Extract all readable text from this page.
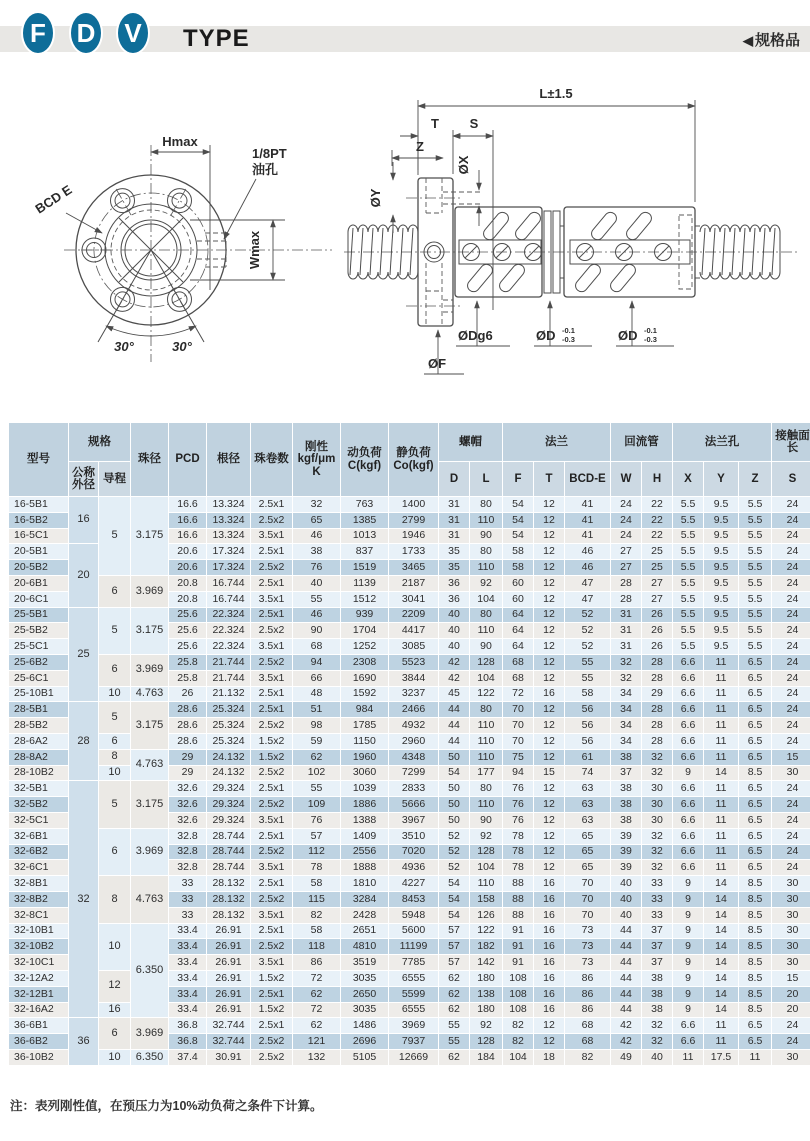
F D V TYPE	◀ 规格品
Hmax
Wmax
1/8PT
油孔
BCD E
30°	30°
L±1.5
T S
Z
ØY
ØX
ØDg6	ØD -0.1
-0.3	ØD -0.1
-0.3
ØF
型号	规格		珠径	PCD	根径	珠卷数	刚性
kgf/μm
K	动负荷
C(kgf)	静负荷
Co(kgf)	螺帽		法兰			回流管		法兰孔			接触面长
	公称外径	导程								D	L	F	T	BCD-E	W	H	X	Y	Z	S
16-5B1	16	5	3.175	16.6	13.324	2.5x1	32	763	1400	31	80	54	12	41	24	22	5.5	9.5	5.5	24
16-5B2				16.6	13.324	2.5x2	65	1385	2799	31	110	54	12	41	24	22	5.5	9.5	5.5	24
16-5C1				16.6	13.324	3.5x1	46	1013	1946	31	90	54	12	41	24	22	5.5	9.5	5.5	24
20-5B1	20			20.6	17.324	2.5x1	38	837	1733	35	80	58	12	46	27	25	5.5	9.5	5.5	24
20-5B2				20.6	17.324	2.5x2	76	1519	3465	35	110	58	12	46	27	25	5.5	9.5	5.5	24
20-6B1		6	3.969	20.8	16.744	2.5x1	40	1139	2187	36	92	60	12	47	28	27	5.5	9.5	5.5	24
20-6C1				20.8	16.744	3.5x1	55	1512	3041	36	104	60	12	47	28	27	5.5	9.5	5.5	24
25-5B1	25	5	3.175	25.6	22.324	2.5x1	46	939	2209	40	80	64	12	52	31	26	5.5	9.5	5.5	24
25-5B2				25.6	22.324	2.5x2	90	1704	4417	40	110	64	12	52	31	26	5.5	9.5	5.5	24
25-5C1				25.6	22.324	3.5x1	68	1252	3085	40	90	64	12	52	31	26	5.5	9.5	5.5	24
25-6B2		6	3.969	25.8	21.744	2.5x2	94	2308	5523	42	128	68	12	55	32	28	6.6	11	6.5	24
25-6C1				25.8	21.744	3.5x1	66	1690	3844	42	104	68	12	55	32	28	6.6	11	6.5	24
25-10B1		10	4.763	26	21.132	2.5x1	48	1592	3237	45	122	72	16	58	34	29	6.6	11	6.5	24
28-5B1	28	5	3.175	28.6	25.324	2.5x1	51	984	2466	44	80	70	12	56	34	28	6.6	11	6.5	24
28-5B2				28.6	25.324	2.5x2	98	1785	4932	44	110	70	12	56	34	28	6.6	11	6.5	24
28-6A2		6		28.6	25.324	1.5x2	59	1150	2960	44	110	70	12	56	34	28	6.6	11	6.5	24
28-8A2		8	4.763	29	24.132	1.5x2	62	1960	4348	50	110	75	12	61	38	32	6.6	11	6.5	15
28-10B2		10		29	24.132	2.5x2	102	3060	7299	54	177	94	15	74	37	32	9	14	8.5	30
32-5B1	32	5	3.175	32.6	29.324	2.5x1	55	1039	2833	50	80	76	12	63	38	30	6.6	11	6.5	24
32-5B2				32.6	29.324	2.5x2	109	1886	5666	50	110	76	12	63	38	30	6.6	11	6.5	24
32-5C1				32.6	29.324	3.5x1	76	1388	3967	50	90	76	12	63	38	30	6.6	11	6.5	24
32-6B1		6	3.969	32.8	28.744	2.5x1	57	1409	3510	52	92	78	12	65	39	32	6.6	11	6.5	24
32-6B2				32.8	28.744	2.5x2	112	2556	7020	52	128	78	12	65	39	32	6.6	11	6.5	24
32-6C1				32.8	28.744	3.5x1	78	1888	4936	52	104	78	12	65	39	32	6.6	11	6.5	24
32-8B1		8	4.763	33	28.132	2.5x1	58	1810	4227	54	110	88	16	70	40	33	9	14	8.5	30
32-8B2				33	28.132	2.5x2	115	3284	8453	54	158	88	16	70	40	33	9	14	8.5	30
32-8C1				33	28.132	3.5x1	82	2428	5948	54	126	88	16	70	40	33	9	14	8.5	30
32-10B1		10	6.350	33.4	26.91	2.5x1	58	2651	5600	57	122	91	16	73	44	37	9	14	8.5	30
32-10B2				33.4	26.91	2.5x2	118	4810	11199	57	182	91	16	73	44	37	9	14	8.5	30
32-10C1				33.4	26.91	3.5x1	86	3519	7785	57	142	91	16	73	44	37	9	14	8.5	30
32-12A2		12		33.4	26.91	1.5x2	72	3035	6555	62	180	108	16	86	44	38	9	14	8.5	15
32-12B1				33.4	26.91	2.5x1	62	2650	5599	62	138	108	16	86	44	38	9	14	8.5	20
32-16A2		16		33.4	26.91	1.5x2	72	3035	6555	62	180	108	16	86	44	38	9	14	8.5	20
36-6B1	36	6	3.969	36.8	32.744	2.5x1	62	1486	3969	55	92	82	12	68	42	32	6.6	11	6.5	24
36-6B2				36.8	32.744	2.5x2	121	2696	7937	55	128	82	12	68	42	32	6.6	11	6.5	24
36-10B2		10	6.350	37.4	30.91	2.5x2	132	5105	12669	62	184	104	18	82	49	40	11	17.5	11	30
注：表列刚性值，在预压力为10%动负荷之条件下计算。
